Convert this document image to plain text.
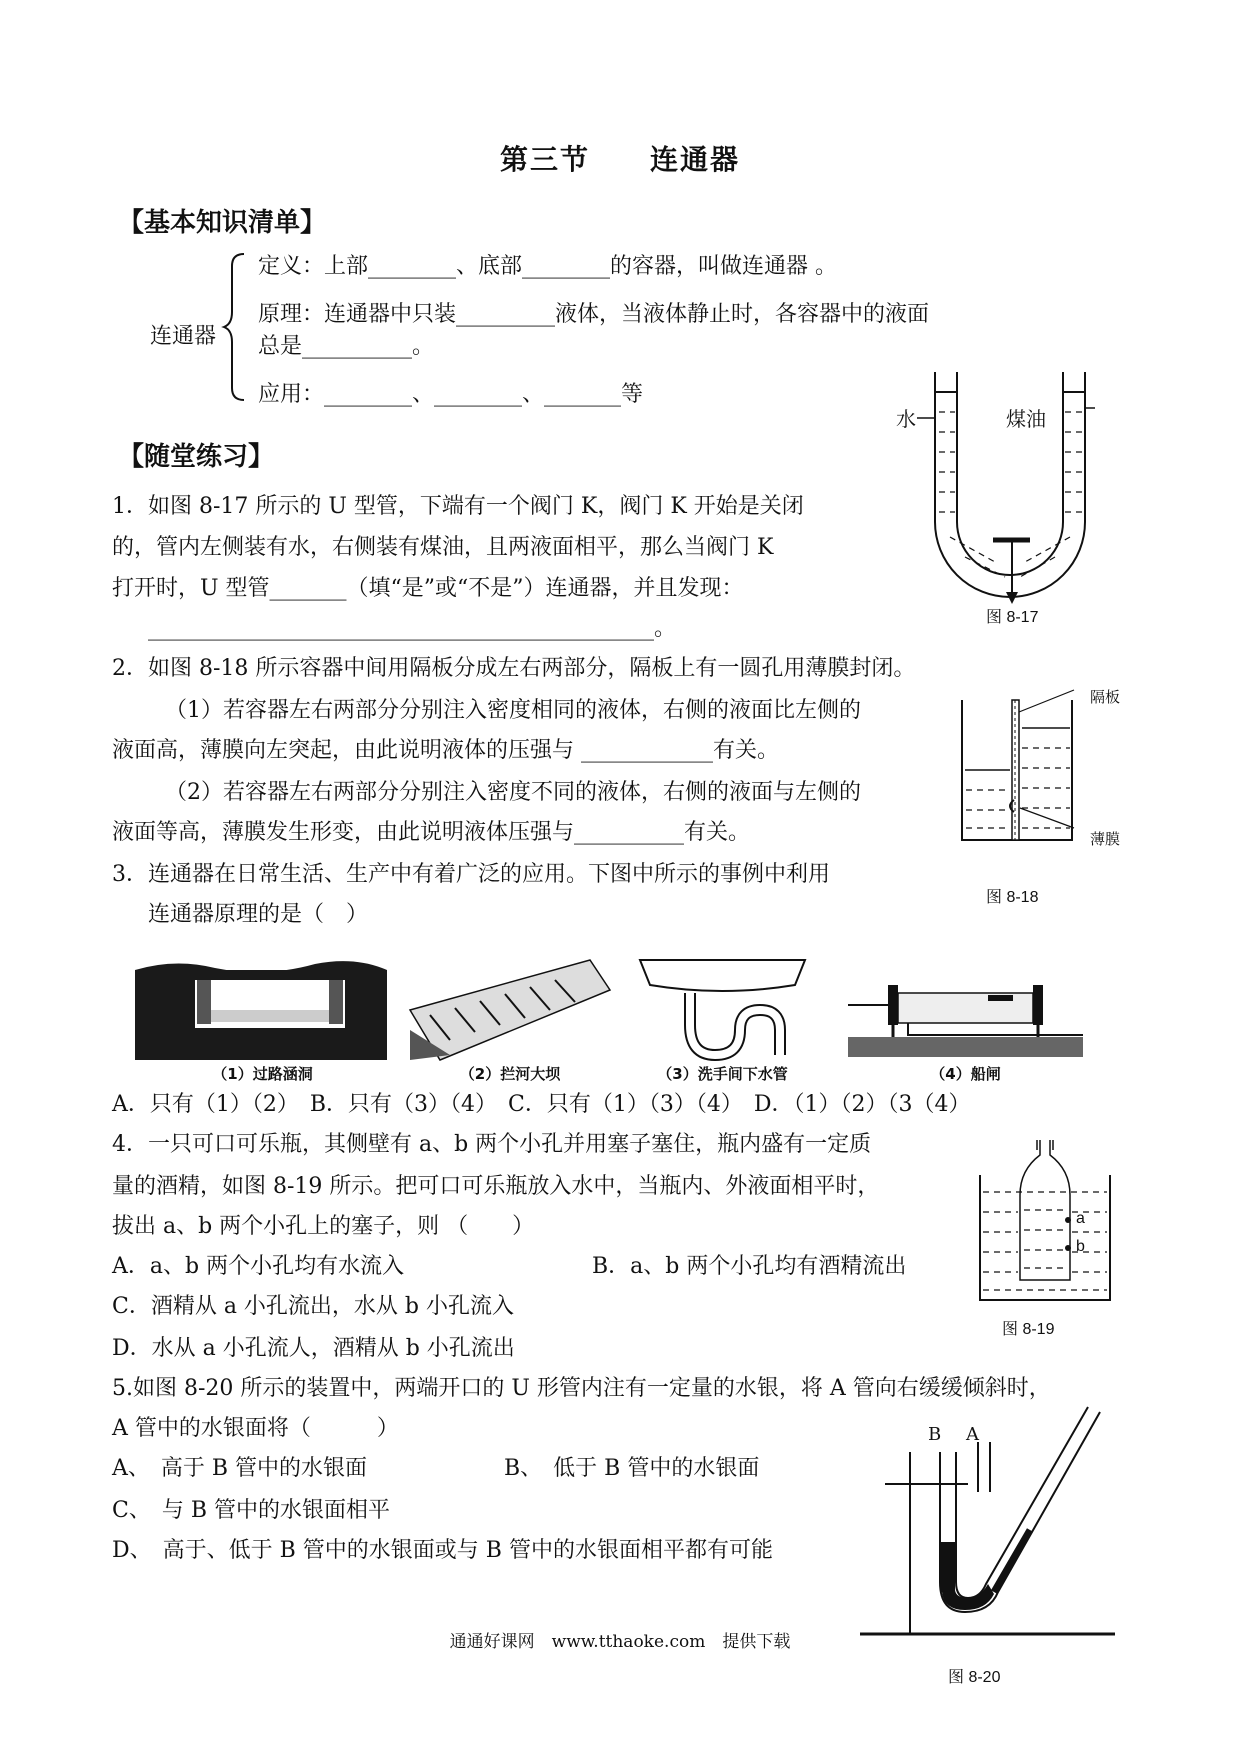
第三节　　连通器
【基本知识清单】
连通器
定义：上部________、底部________的容器，叫做连通器 。
原理：连通器中只装_________液体，当液体静止时，各容器中的液面
总是__________。
应用：________、________、_______等
【随堂练习】
1．如图 8-17 所示的 U 型管，下端有一个阀门 K，阀门 K 开始是关闭
的，管内左侧装有水，右侧装有煤油，且两液面相平，那么当阀门 K
打开时，U 型管_______（填“是”或“不是”）连通器，并且发现：
______________________________________________。
煤油
水
图 8-17
2．如图 8-18 所示容器中间用隔板分成左右两部分，隔板上有一圆孔用薄膜封闭。
（1）若容器左右两部分分别注入密度相同的液体，右侧的液面比左侧的
液面高，薄膜向左突起，由此说明液体的压强与 ____________有关。
（2）若容器左右两部分分别注入密度不同的液体，右侧的液面与左侧的
液面等高，薄膜发生形变，由此说明液体压强与__________有关。
隔板
薄膜
图 8-18
3．连通器在日常生活、生产中有着广泛的应用。下图中所示的事例中利用
连通器原理的是（　）
（1）过路涵洞	（2）拦河大坝	（3）洗手间下水管	（4）船闸
A．只有（1）（2）　B．只有（3）（4）　C．只有（1）（3）（4）　D．（1）（2）（3（4）
4．一只可口可乐瓶，其侧壁有 a、b 两个小孔并用塞子塞住，瓶内盛有一定质
量的酒精，如图 8-19 所示。把可口可乐瓶放入水中，当瓶内、外液面相平时，
拔出 a、b 两个小孔上的塞子，则 （　　）
A．a、b 两个小孔均有水流入	B．a、b 两个小孔均有酒精流出
C．酒精从 a 小孔流出，水从 b 小孔流入
D．水从 a 小孔流人，酒精从 b 小孔流出
a
b
图 8-19
5.如图 8-20 所示的装置中，两端开口的 U 形管内注有一定量的水银，将 A 管向右缓缓倾斜时，
A 管中的水银面将（　　　）
A、　高于 B 管中的水银面	B、　低于 B 管中的水银面
C、　与 B 管中的水银面相平
D、　高于、低于 B 管中的水银面或与 B 管中的水银面相平都有可能
B A
图 8-20
通通好课网　www.tthaoke.com　提供下载
